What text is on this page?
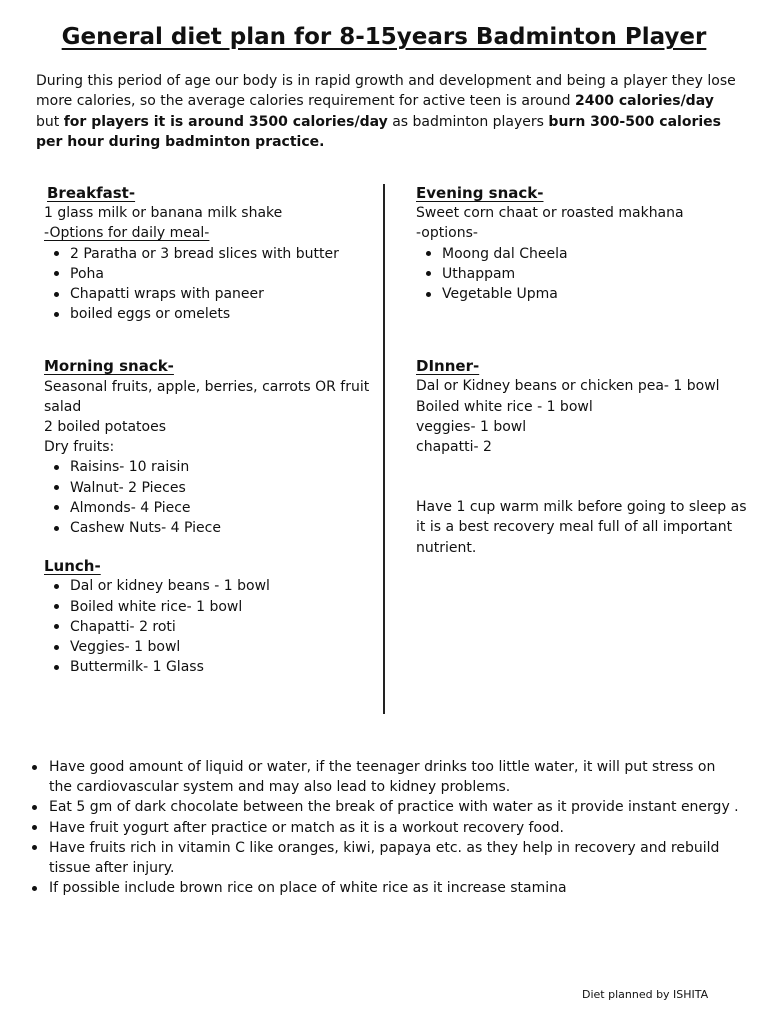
General diet plan for 8-15years Badminton Player

During this period of age our body is in rapid growth and development and being a player they lose more calories, so the average calories requirement for active teen is around 2400 calories/day but for players it is around 3500 calories/day as badminton players burn 300-500 calories per hour during badminton practice.

Breakfast-
1 glass milk or banana milk shake
-Options for daily meal-
2 Paratha or 3 bread slices with butter
Poha
Chapatti wraps with paneer
boiled eggs or omelets
Morning snack-
Seasonal fruits, apple, berries, carrots OR fruit salad
2 boiled potatoes
Dry fruits:
Raisins- 10 raisin
Walnut- 2 Pieces
Almonds- 4 Piece
Cashew Nuts- 4 Piece
Lunch-
Dal or kidney beans - 1 bowl
Boiled white rice- 1 bowl
Chapatti- 2 roti
Veggies- 1 bowl
Buttermilk- 1 Glass
Evening snack-
Sweet corn chaat or roasted makhana
-options-
Moong dal Cheela
Uthappam
Vegetable Upma
DInner-
Dal or Kidney beans or chicken pea- 1 bowl
Boiled white rice - 1 bowl
veggies- 1 bowl
chapatti- 2

Have 1 cup warm milk before going to sleep as it is a best recovery meal full of all important nutrient.

Have good amount of liquid or water, if the teenager drinks too little water, it will put stress on the cardiovascular system and may also lead to kidney problems.
Eat 5 gm of dark chocolate between the break of practice with water as it provide instant energy .
Have fruit yogurt after practice or match as it is a workout recovery food.
Have fruits rich in vitamin C like oranges, kiwi, papaya etc. as they help in recovery and rebuild tissue after injury.
If possible include brown rice on place of white rice as it increase stamina
Diet planned by ISHITA
